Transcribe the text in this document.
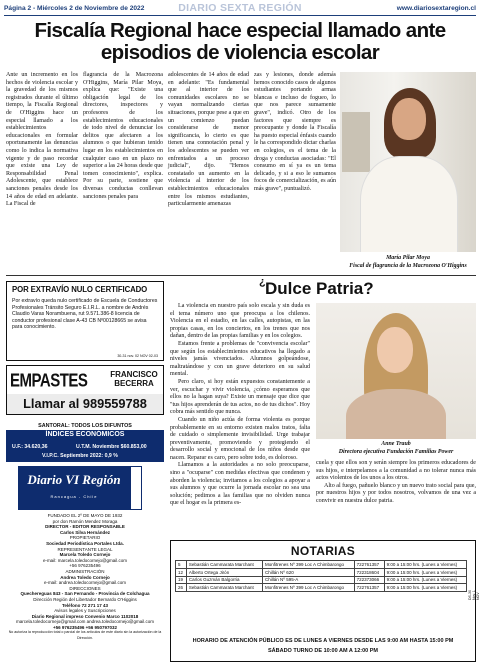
Página 2 - Miércoles 2 de Noviembre de 2022	DIARIO SEXTA REGIÓN	www.diariosextaregion.cl
Fiscalía Regional hace especial llamado ante episodios de violencia escolar
Ante un incremento en los hechos de violencia escolar y la gravedad de los mismos registrados durante el último tiempo, la Fiscalía Regional de O'Higgins hace un especial llamado a los establecimientos educacionales en formular oportunamente las denuncias como lo indica la normativa vigente y de paso recordar que existe una Ley de Responsabilidad Penal Adolescente, que establece sanciones penales desde los 14 años de edad en adelante. La Fiscal de
flagrancia de la Macrozona O'Higgins, María Pilar Moya, explica que: "Existe una obligación legal de los directores, inspectores y profesores de los establecimientos educacionales de todo nivel de denunciar los delitos que afectaren a los alumnos o que hubieran tenido lugar en los establecimientos en cualquier caso en un plazo no superior a las 24 horas desde que tomen conocimiento", explica. Por su parte, sostiene que diversas conductas conllevan sanciones penales para
adolescentes de 14 años de edad en adelante: "Es fundamental que al interior de los comunidades escolares no se vayan normalizando ciertas situaciones, porque pese a que en un comienzo puedan considerarse de menor significancia, lo cierto es que tienen una connotación penal y los adolescentes se pueden ver enfrentados a un proceso judicial", dijo. "Hemos constatado un aumento en la violencia al interior de los establecimientos educacionales entre los mismos estudiantes, particularmente amenazas
zas y lesiones, donde además hemos conocido casos de algunos estudiantes portando armas blancas e incluso de fogueo, lo que nos parece sumamente grave", indicó. Otro de los factores que siempre es preocupante y donde la Fiscalía ha puesto especial énfasis cuando le ha correspondido dictar charlas en colegios, es el tema de la droga y conductas asociadas: "El consumo en sí ya es un tema delicado, y si a eso le sumamos focos de comercialización, es aún más grave", puntualizó.
María Pilar Moya
Fiscal de flagrancia de la Macrozona O'Higgins
POR EXTRAVÍO NULO CERTIFICADO

Por extravío queda nulo certificado de Escuela de Conductores Profesionales Tránsito Seguro E.I.R.L. a nombre de Andrés Claudio Varas Norambuena, rut 9.571.386-8 licencia de conductor profesional clase A-43 CB Nº00128665 se avisa para conocimiento.

30-31 nov. 02 NOV 02-03
EMPASTES	FRANCISCO BECERRA
Llamar al 989559788
SANTORAL: TODOS LOS DIFUNTOS
ÍNDICES ECONÓMICOS
U.F.: 34.620,36	U.T.M. Noviembre $60.853,00
V.I.P.C. Septiembre 2022: 0,9 %
Diario VI Región
Rancagua - Chile
FUNDADO EL 2º DE MAYO DE 1932
por don Ramón Mendez Moraga
DIRECTOR - EDITOR RESPONSABLE
Carlos Silva Hernández
PROPIETARIO
Sociedad Periodística Portales Ltda.
REPRESENTANTE LEGAL
Marcela Toledo Cornejo
e-mail: marcela.toledocornejo@gmail.com
+56 976235496
ADMINISTRACIÓN
Andrea Toledo Cornejo
e-mail: andrea.toledocornejo@gmail.com
DIRECCIONES
Quechereguas 843 - San Fernando - Provincia de Colchagua
Dirección Región del Libertador Bernardo O'Higgins
Teléfono 72 271 17 43
Avisos legales y Suscripciones
Diario Regional impreso Convenio Marco 1102018
marcela.toledocornejo@gmail.com andrea.toledocornejo@gmail.com
+56 976235496 +56 950797032
No autoriza la reproducción total o parcial de los artículos de este diario sin la autorización de la Dirección.
¿ Dulce Patria?

La violencia en nuestro país solo escala y sin duda es el tema número uno que preocupa a los chilenos. Violencia en el estadio, en las calles, autopistas, en las propias casas, en los conciertos, en los trenes que nos dañan, dentro de las propias familias y en los colegios.

Estamos frente a problemas de "convivencia escolar" que según los establecimientos educativos ha llegado a niveles jamás vivenciados. Alumnos golpeándose, maltratándose y con un grave deterioro en su salud mental.

Pero claro, si hoy están expuestos constantemente a ver, escuchar y vivir violencia, ¿cómo esperamos que ellos no la hagan suya? Existe un mensaje que dice que "tus hijos aprenderán de tus actos, no de tus dichos". Hoy cobra más sentido que nunca.

Cuando un niño actúa de forma violenta es porque probablemente en su entorno existen malos tratos, falta de cuidado o simplemente invisibilidad. Urge trabajar preventivamente, promoviendo y protegiendo el desarrollo social y emocional de los niños desde que nacen. Reparar es caro, pero sobre todo, es doloroso.

Llamamos a la autoridades a no solo preocuparse, sino a "ocuparse" con medidas efectivas que condenen y aborden la violencia; invitamos a los colegios a apoyar a sus alumnos y que ocurre la jornada escolar no sea una solución; pedimos a las familias que no olviden nunca que el hogar es la primera es-

Anne Traub
Directora ejecutiva Fundación Familias Power

cuela y que ellos son y serán siempre los primeros educadores de sus hijos, e interpelamos a la comunidad a no tolerar nunca más actos violentos de los unos a los otros.

Alto al fuego, pañuelo blanco y un nuevo trato social para que, por nuestros hijos y por todos nosotros, volvamos de una vez a convivir en nuestra dulce patria.

NOTARIAS
5	Sebastián Cammarata Marchant	Monfitrenes Nº 399 Loc A Chimbarongo	722761357	9:00 a 15:00 hrs. (Lunes a Viernes)
12	Alberto Ortega Jirón	Chillán Nº 620	722318604	9:00 a 15:00 hrs. (Lunes a Viernes)
19	Carlos Guzmán Balgorria	Chillán Nº 595-A	722373066	9:00 a 15:00 hrs. (Lunes a Viernes)
26	Sebastián Cammarata Marchant	Monfitrenes Nº 399 Loc A Chimbarongo	722761357	9:00 a 15:00 hrs. (Lunes a Viernes)
HORARIO DE ATENCIÓN PÚBLICO ES DE LUNES A VIERNES DESDE LAS 9:00 AM HASTA 15:00 PM
SÁBADO TURNO DE 10:00 AM A 12:00 PM
DS-30 Nov. 1 NOV
